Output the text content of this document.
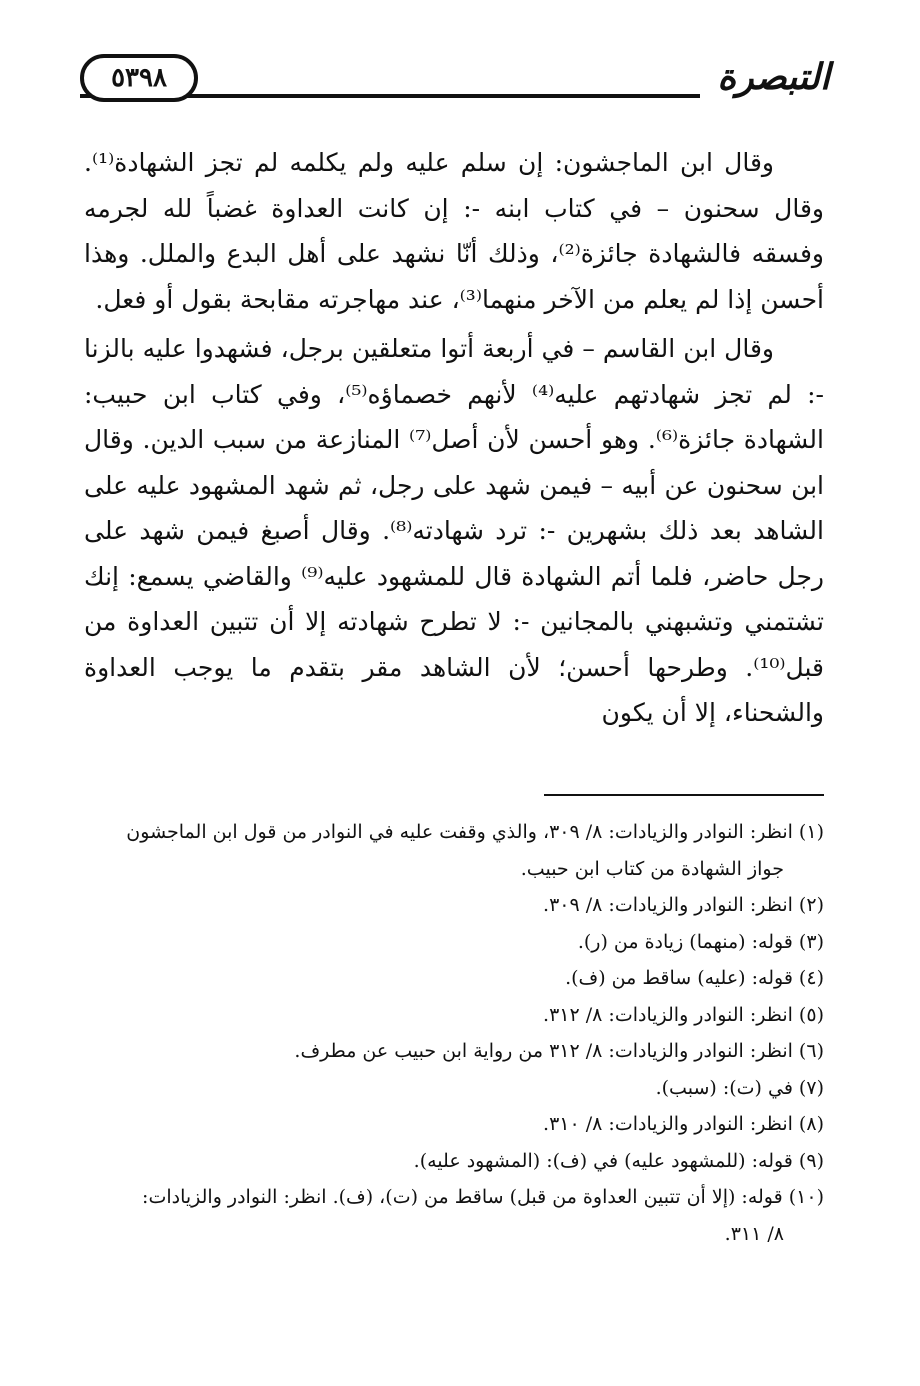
التبصرة
٥٣٩٨

وقال ابن الماجشون: إن سلم عليه ولم يكلمه لم تجز الشهادة⁽¹⁾. وقال سحنون – في كتاب ابنه -: إن كانت العداوة غضباً لله لجرمه وفسقه فالشهادة جائزة⁽²⁾، وذلك أنّا نشهد على أهل البدع والملل. وهذا أحسن إذا لم يعلم من الآخر منهما⁽³⁾، عند مهاجرته مقابحة بقول أو فعل.

وقال ابن القاسم – في أربعة أتوا متعلقين برجل، فشهدوا عليه بالزنا -: لم تجز شهادتهم عليه⁽⁴⁾ لأنهم خصماؤه⁽⁵⁾، وفي كتاب ابن حبيب: الشهادة جائزة⁽⁶⁾. وهو أحسن لأن أصل⁽⁷⁾ المنازعة من سبب الدين. وقال ابن سحنون عن أبيه – فيمن شهد على رجل، ثم شهد المشهود عليه على الشاهد بعد ذلك بشهرين -: ترد شهادته⁽⁸⁾. وقال أصبغ فيمن شهد على رجل حاضر، فلما أتم الشهادة قال للمشهود عليه⁽⁹⁾ والقاضي يسمع: إنك تشتمني وتشبهني بالمجانين -: لا تطرح شهادته إلا أن تتبين العداوة من قبل⁽¹⁰⁾. وطرحها أحسن؛ لأن الشاهد مقر بتقدم ما يوجب العداوة والشحناء، إلا أن يكون

(١) انظر: النوادر والزيادات: ٨/ ٣٠٩، والذي وقفت عليه في النوادر من قول ابن الماجشون
جواز الشهادة من كتاب ابن حبيب.

(٢) انظر: النوادر والزيادات: ٨/ ٣٠٩.

(٣) قوله: (منهما) زيادة من (ر).

(٤) قوله: (عليه) ساقط من (ف).

(٥) انظر: النوادر والزيادات: ٨/ ٣١٢.

(٦) انظر: النوادر والزيادات: ٨/ ٣١٢ من رواية ابن حبيب عن مطرف.

(٧) في (ت): (سبب).

(٨) انظر: النوادر والزيادات: ٨/ ٣١٠.

(٩) قوله: (للمشهود عليه) في (ف): (المشهود عليه).

(١٠) قوله: (إلا أن تتبين العداوة من قبل) ساقط من (ت)، (ف). انظر: النوادر والزيادات:
٨/ ٣١١.
